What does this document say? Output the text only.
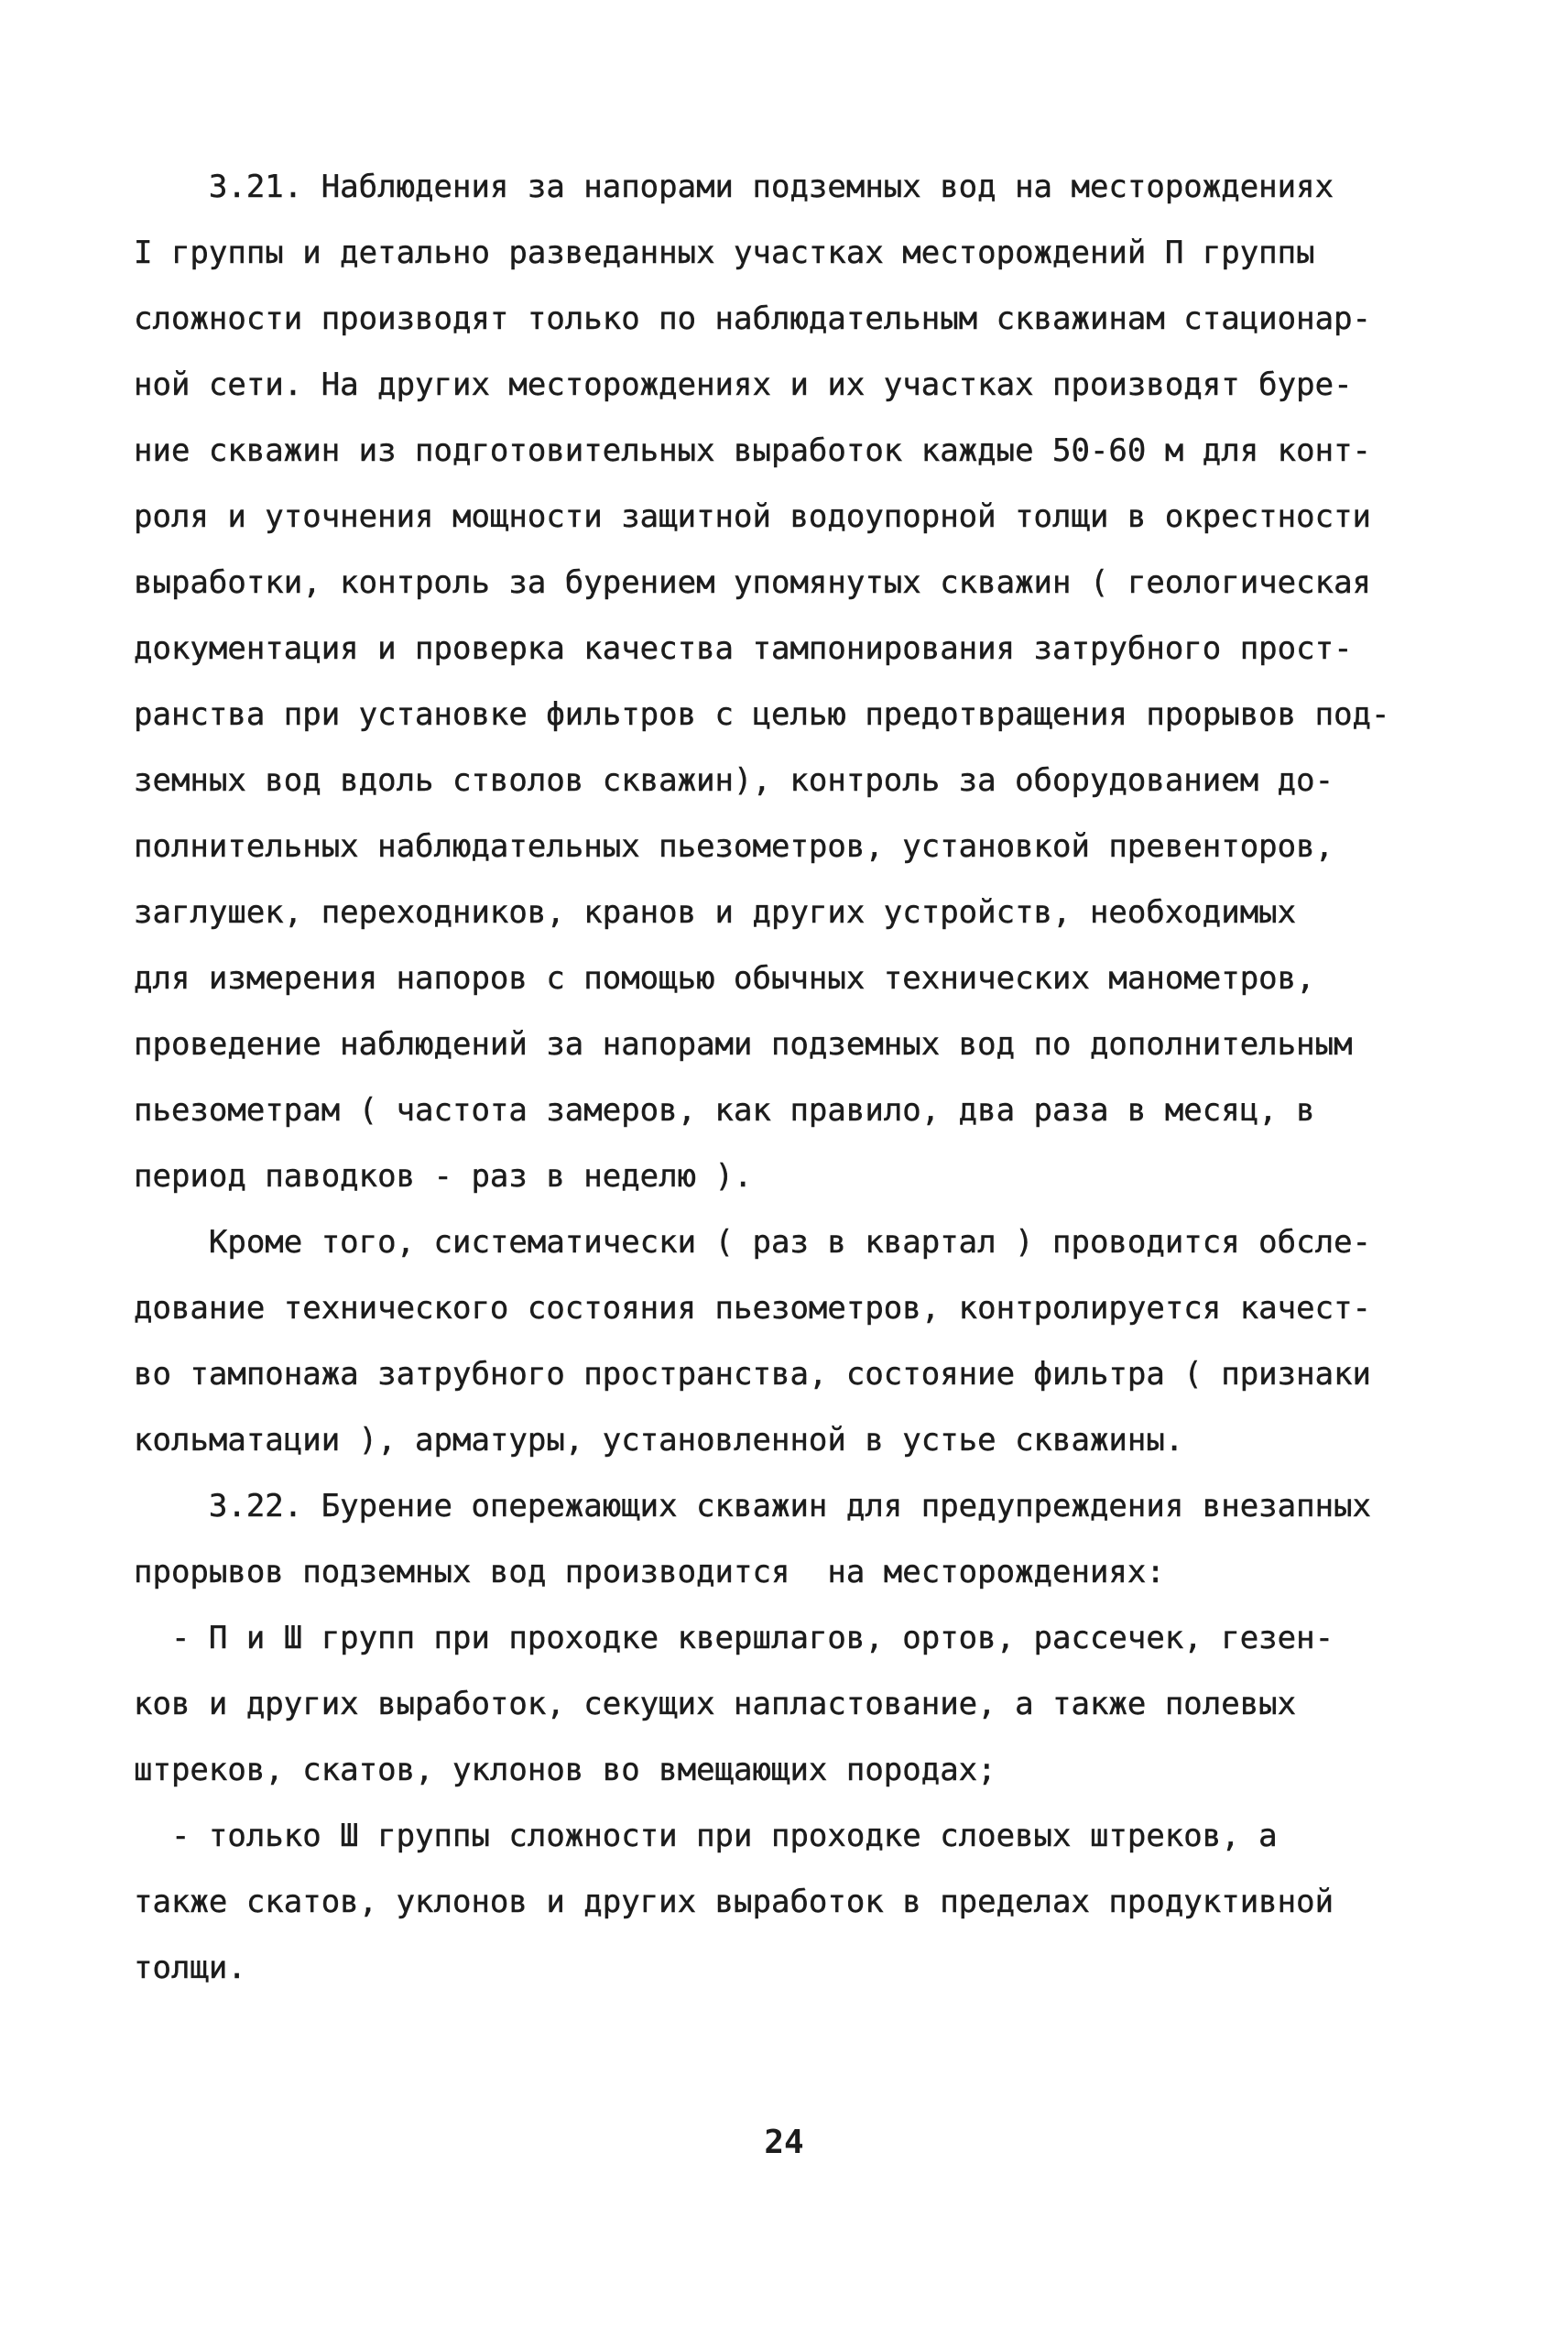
3.21. Наблюдения за напорами подземных вод на месторождениях
I группы и детально разведанных участках месторождений П группы
сложности производят только по наблюдательным скважинам стационар-
ной сети. На других месторождениях и их участках производят буре-
ние скважин из подготовительных выработок каждые 50-60 м для конт-
роля и уточнения мощности защитной водоупорной толщи в окрестности
выработки, контроль за бурением упомянутых скважин ( геологическая
документация и проверка качества тампонирования затрубного прост-
ранства при установке фильтров с целью предотвращения прорывов под-
земных вод вдоль стволов скважин), контроль за оборудованием до-
полнительных наблюдательных пьезометров, установкой превенторов,
заглушек, переходников, кранов и других устройств, необходимых
для измерения напоров с помощью обычных технических манометров,
проведение наблюдений за напорами подземных вод по дополнительным
пьезометрам ( частота замеров, как правило, два раза в месяц, в
период паводков - раз в неделю ).
Кроме того, систематически ( раз в квартал ) проводится обсле-
дование технического состояния пьезометров, контролируется качест-
во тампонажа затрубного пространства, состояние фильтра ( признаки
кольматации ), арматуры, установленной в устье скважины.
3.22. Бурение опережающих скважин для предупреждения внезапных
прорывов подземных вод производится  на месторождениях:
- П и Ш групп при проходке квершлагов, ортов, рассечек, гезен-
ков и других выработок, секущих напластование, а также полевых
штреков, скатов, уклонов во вмещающих породах;
- только Ш группы сложности при проходке слоевых штреков, а
также скатов, уклонов и других выработок в пределах продуктивной
толщи.
24
